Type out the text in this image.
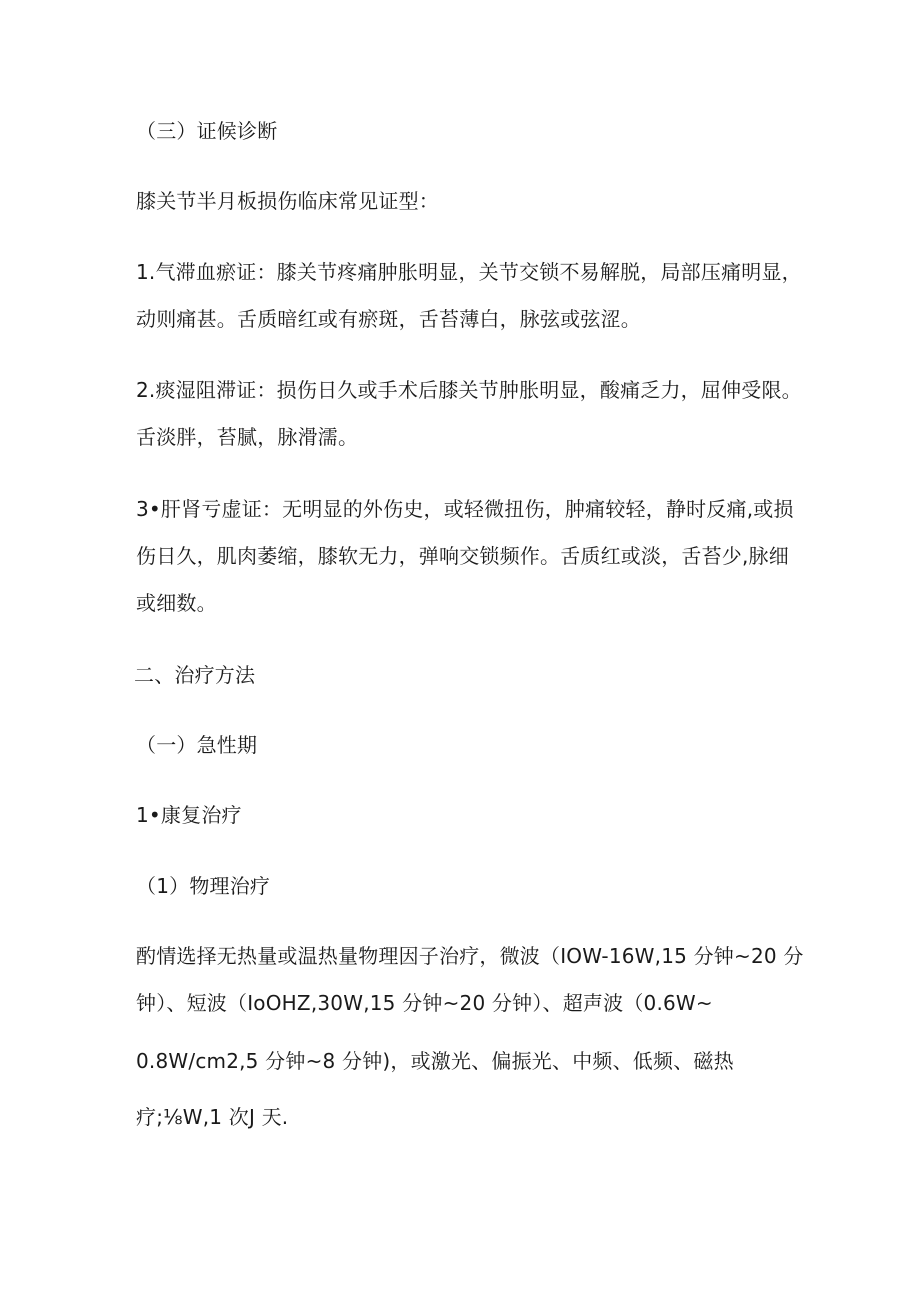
（三）证候诊断

膝关节半月板损伤临床常见证型：

1.气滞血瘀证：膝关节疼痛肿胀明显，关节交锁不易解脱，局部压痛明显，

动则痛甚。舌质暗红或有瘀斑，舌苔薄白，脉弦或弦涩。

2.痰湿阻滞证：损伤日久或手术后膝关节肿胀明显，酸痛乏力，屈伸受限。

舌淡胖，苔腻，脉滑濡。

3•肝肾亏虚证：无明显的外伤史，或轻微扭伤，肿痛较轻，静时反痛,或损

伤日久，肌肉萎缩，膝软无力，弹响交锁频作。舌质红或淡，舌苔少,脉细

或细数。

二、治疗方法

（一）急性期

1•康复治疗

（1）物理治疗

酌情选择无热量或温热量物理因子治疗，微波（IOW-16W,15 分钟~20 分

钟）、短波（IoOHZ,30W,15 分钟~20 分钟）、超声波（0.6W~

0.8W/cm2,5 分钟~8 分钟)，或激光、偏振光、中频、低频、磁热

疗;⅛W,1 次J 天.
